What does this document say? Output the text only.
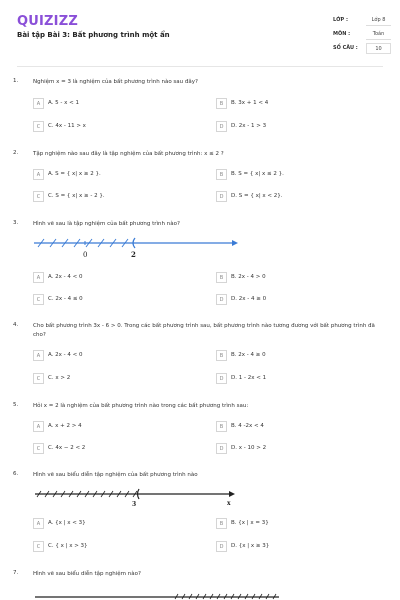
QUIZIZZ
Bài tập Bài 3: Bất phương trình một ẩn
LỚP :	Lớp 8
MÔN :	Toán
SỐ CÂU :	10
1.	Nghiệm x = 3 là nghiệm của bất phương trình nào sau đây?
A	A. 5 - x < 1	B	B. 3x + 1 < 4
C	C. 4x - 11 > x	D	D. 2x - 1 > 3
2.	Tập nghiệm nào sau đây là tập nghiệm của bất phương trình: x ≤ 2 ?
A	A. S = { x| x ≥ 2 }.	B	B. S = { x| x ≤ 2 }.
C	C. S = { x| x ≥ - 2 }.	D	D. S = { x| x < 2}.
3.	Hình vẽ sau là tập nghiệm của bất phương trình nào?
0	2
A	A. 2x - 4 < 0	B	B. 2x - 4 > 0
C	C. 2x - 4 ≤ 0	D	D. 2x - 4 ≥ 0
4.	Cho bất phương trình 3x - 6 > 0. Trong các bất phương trình sau, bất phương trình nào tương đương với bất phương trình đã cho?
A	A. 2x - 4 < 0	B	B. 2x - 4 ≥ 0
C	C. x > 2	D	D. 1 - 2x < 1
5.	Hỏi x = 2 là nghiệm của bất phương trình nào trong các bất phương trình sau:
A	A. x + 2 > 4	B	B. 4 -2x < 4
C	C. 4x − 2 < 2	D	D. x - 10 > 2
6.	Hình vẽ sau biểu diễn tập nghiệm của bất phương trình nào
3	x
A	A. {x | x < 3}	B	B. {x | x = 3}
C	C. { x | x > 3}	D	D. {x | x ≥ 3}
7.	Hình vẽ sau biểu diễn tập nghiệm nào?
